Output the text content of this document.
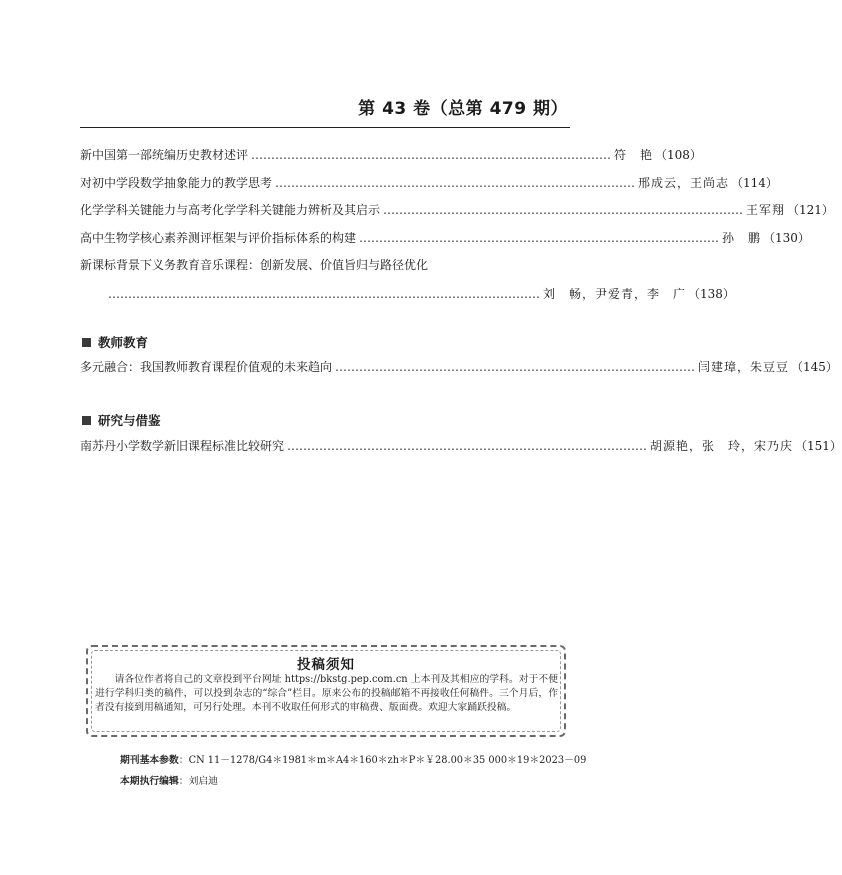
第 43 卷（总第 479 期）
新中国第一部统编历史教材述评 ……………………………………………………………………………… 符　艳 （108）
对初中学段数学抽象能力的教学思考 ……………………………………………………………………………… 邢成云，王尚志 （114）
化学学科关键能力与高考化学学科关键能力辨析及其启示 ……………………………………………………………………………… 王军翔 （121）
高中生物学核心素养测评框架与评价指标体系的构建 ……………………………………………………………………………… 孙　鹏 （130）
新课标背景下义务教育音乐课程：创新发展、价值旨归与路径优化
……………………………………………………………………………………………… 刘　畅，尹爱青，李　广 （138）
教师教育
多元融合：我国教师教育课程价值观的未来趋向 ……………………………………………………………………………… 闫建璋，朱豆豆 （145）
研究与借鉴
南苏丹小学数学新旧课程标准比较研究 ……………………………………………………………………………… 胡源艳，张　玲，宋乃庆 （151）
投稿须知
请各位作者将自己的文章投到平台网址 https://bkstg.pep.com.cn 上本刊及其相应的学科。对于不便进行学科归类的稿件，可以投到杂志的“综合”栏目。原来公布的投稿邮箱不再接收任何稿件。三个月后，作者没有接到用稿通知，可另行处理。本刊不收取任何形式的审稿费、版面费。欢迎大家踊跃投稿。
期刊基本参数：CN 11－1278/G4＊1981＊m＊A4＊160＊zh＊P＊￥28.00＊35 000＊19＊2023－09
本期执行编辑：刘启迪
